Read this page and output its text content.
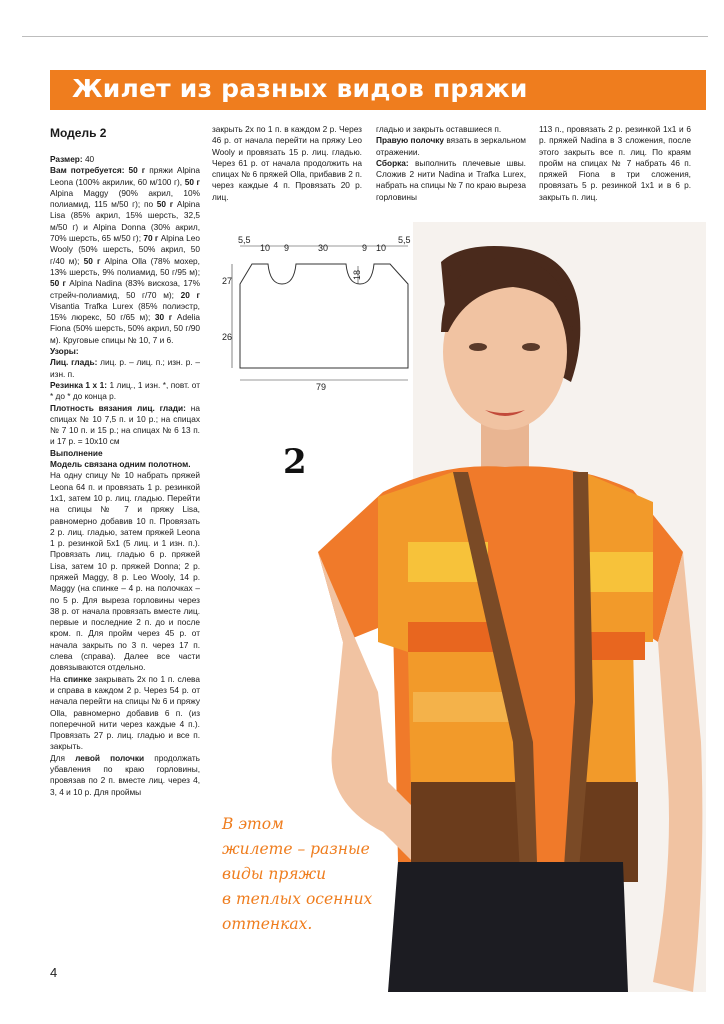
Жилет из разных видов пряжи
Модель 2

Размер: 40

Вам потребуется: 50 г пряжи Alpina Leona (100% акрилик, 60 м/100 г), 50 г Alpina Maggy (90% акрил, 10% полиамид, 115 м/50 г); по 50 г Alpina Lisa (85% акрил, 15% шерсть, 32,5 м/50 г) и Alpina Donna (30% акрил, 70% шерсть, 65 м/50 г); 70 г Alpina Leo Wooly (50% шерсть, 50% акрил, 50 г/40 м); 50 г Alpina Olla (78% мохер, 13% шерсть, 9% полиамид, 50 г/95 м); 50 г Alpina Nadina (83% вискоза, 17% стрейч-полиамид, 50 г/70 м); 20 г Visantia Trafka Lurex (85% полиэстр, 15% люрекс, 50 г/65 м); 30 г Adelia Fiona (50% шерсть, 50% акрил, 50 г/90 м). Круговые спицы № 10, 7 и 6.

Узоры:

Лиц. гладь: лиц. р. – лиц. п.; изн. р. – изн. п.

Резинка 1 х 1: 1 лиц., 1 изн. *, повт. от * до * до конца р.

Плотность вязания лиц. глади: на спицах № 10 7,5 п. и 10 р.; на спицах № 7 10 п. и 15 р.; на спицах № 6 13 п. и 17 р. = 10х10 см

Выполнение

Модель связана одним полотном.

На одну спицу № 10 набрать пряжей Leona 64 п. и провязать 1 р. резинкой 1х1, затем 10 р. лиц. гладью. Перейти на спицы № 7 и пряжу Lisa, равномерно добавив 10 п. Провязать 2 р. лиц. гладью, затем пряжей Leona 1 р. резинкой 5х1 (5 лиц. и 1 изн. п.). Провязать лиц. гладью 6 р. пряжей Lisa, затем 10 р. пряжей Donna; 2 р. пряжей Maggy, 8 р. Leo Wooly, 14 р. Maggy (на спинке – 4 р. на полочках – по 5 р. Для выреза горловины через 38 р. от начала провязать вместе лиц. первые и последние 2 п. до и после кром. п. Для пройм через 45 р. от начала закрыть по 3 п. через 17 п. слева (справа). Далее все части довязываются отдельно.

На спинке закрывать 2х по 1 п. слева и справа в каждом 2 р. Через 54 р. от начала перейти на спицы № 6 и пряжу Olla, равномерно добавив 6 п. (из поперечной нити через каждые 4 п.). Провязать 27 р. лиц. гладью и все п. закрыть.

Для левой полочки продолжать убавления по краю горловины, провязав по 2 п. вместе лиц. через 4, 3, 4 и 10 р. Для проймы

закрыть 2х по 1 п. в каждом 2 р. Через 46 р. от начала перейти на пряжу Leo Wooly и провязать 15 р. лиц. гладью. Через 61 р. от начала продолжить на спицах № 6 пряжей Olla, прибавив 2 п. через каждые 4 п. Провязать 20 р. лиц.

гладью и закрыть оставшиеся п.

Правую полочку вязать в зеркальном отражении.

Сборка: выполнить плечевые швы. Сложив 2 нити Nadina и Trafka Lurex, набрать на спицы № 7 по краю выреза горловины

113 п., провязать 2 р. резинкой 1х1 и 6 р. пряжей Nadina в 3 сложения, после этого закрыть все п. лиц. По краям пройм на спицах № 7 набрать 46 п. пряжей Fiona в три сложения, провязать 5 р. резинкой 1х1 и в 6 р. закрыть п. лиц.

5,5
10 9	30	9 10
5,5
27
26
18
79
2
В этом
жилете – разные
виды пряжи
в теплых осенних
оттенках.
4
